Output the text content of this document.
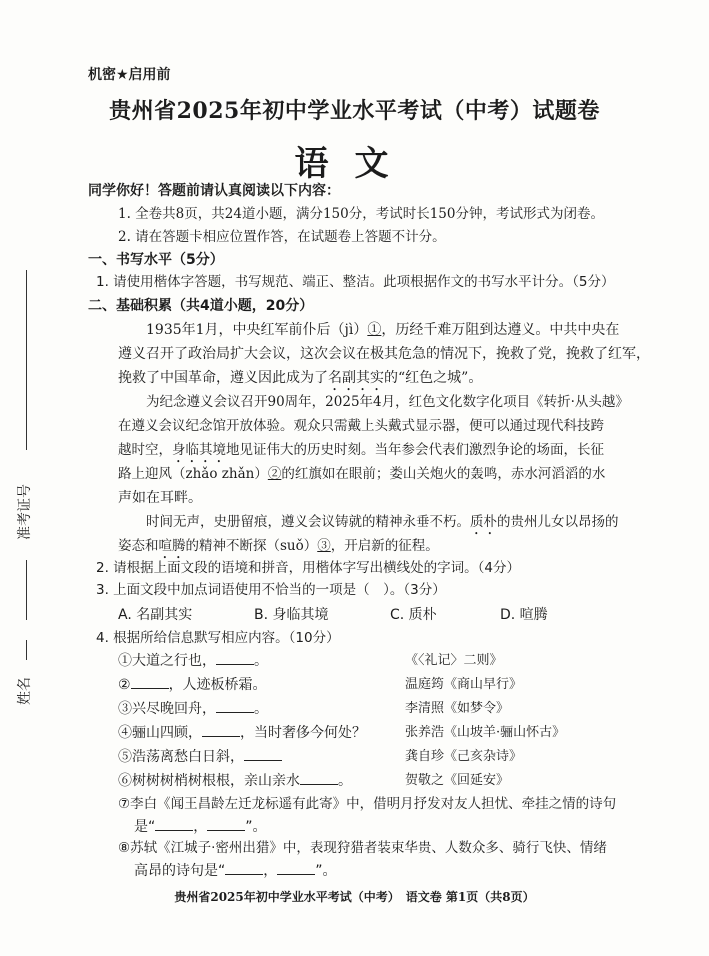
准考证号
姓名
机密★启用前
贵州省2025年初中学业水平考试（中考）试题卷
语文
同学你好！答题前请认真阅读以下内容：
1. 全卷共8页，共24道小题，满分150分，考试时长150分钟，考试形式为闭卷。
2. 请在答题卡相应位置作答，在试题卷上答题不计分。
一、书写水平（5分）
1. 请使用楷体字答题，书写规范、端正、整洁。此项根据作文的书写水平计分。（5分）
二、基础积累（共4道小题，20分）
1935年1月，中央红军前仆后（jì）①，历经千难万阻到达遵义。中共中央在
遵义召开了政治局扩大会议，这次会议在极其危急的情况下，挽救了党，挽救了红军，
挽救了中国革命，遵义因此成为了名副其实的“红色之城”。
为纪念遵义会议召开90周年，2025年4月，红色文化数字化项目《转折·从头越》
在遵义会议纪念馆开放体验。观众只需戴上头戴式显示器，便可以通过现代科技跨
越时空，身临其境地见证伟大的历史时刻。当年参会代表们激烈争论的场面，长征
路上迎风（zhǎo zhǎn）②的红旗如在眼前；娄山关炮火的轰鸣，赤水河滔滔的水
声如在耳畔。
时间无声，史册留痕，遵义会议铸就的精神永垂不朽。质朴的贵州儿女以昂扬的
姿态和喧腾的精神不断探（suǒ）③，开启新的征程。
2. 请根据上面文段的语境和拼音，用楷体字写出横线处的字词。（4分）
3. 上面文段中加点词语使用不恰当的一项是（　）。（3分）
A. 名副其实	B. 身临其境	C. 质朴	D. 喧腾
4. 根据所给信息默写相应内容。（10分）
①大道之行也，	。	《〈礼记〉二则》
②	，人迹板桥霜。	温庭筠《商山早行》
③兴尽晚回舟，	。	李清照《如梦令》
④骊山四顾，	，当时奢侈今何处？	张养浩《山坡羊·骊山怀古》
⑤浩荡离愁白日斜，	龚自珍《己亥杂诗》
⑥树树树梢树根根，亲山亲水	。	贺敬之《回延安》
⑦李白《闻王昌龄左迁龙标遥有此寄》中，借明月抒发对友人担忧、牵挂之情的诗句
是“	，	”。
⑧苏轼《江城子·密州出猎》中，表现狩猎者装束华贵、人数众多、骑行飞快、情绪
高昂的诗句是“	，	”。
贵州省2025年初中学业水平考试（中考）　语文卷 第1页（共8页）
